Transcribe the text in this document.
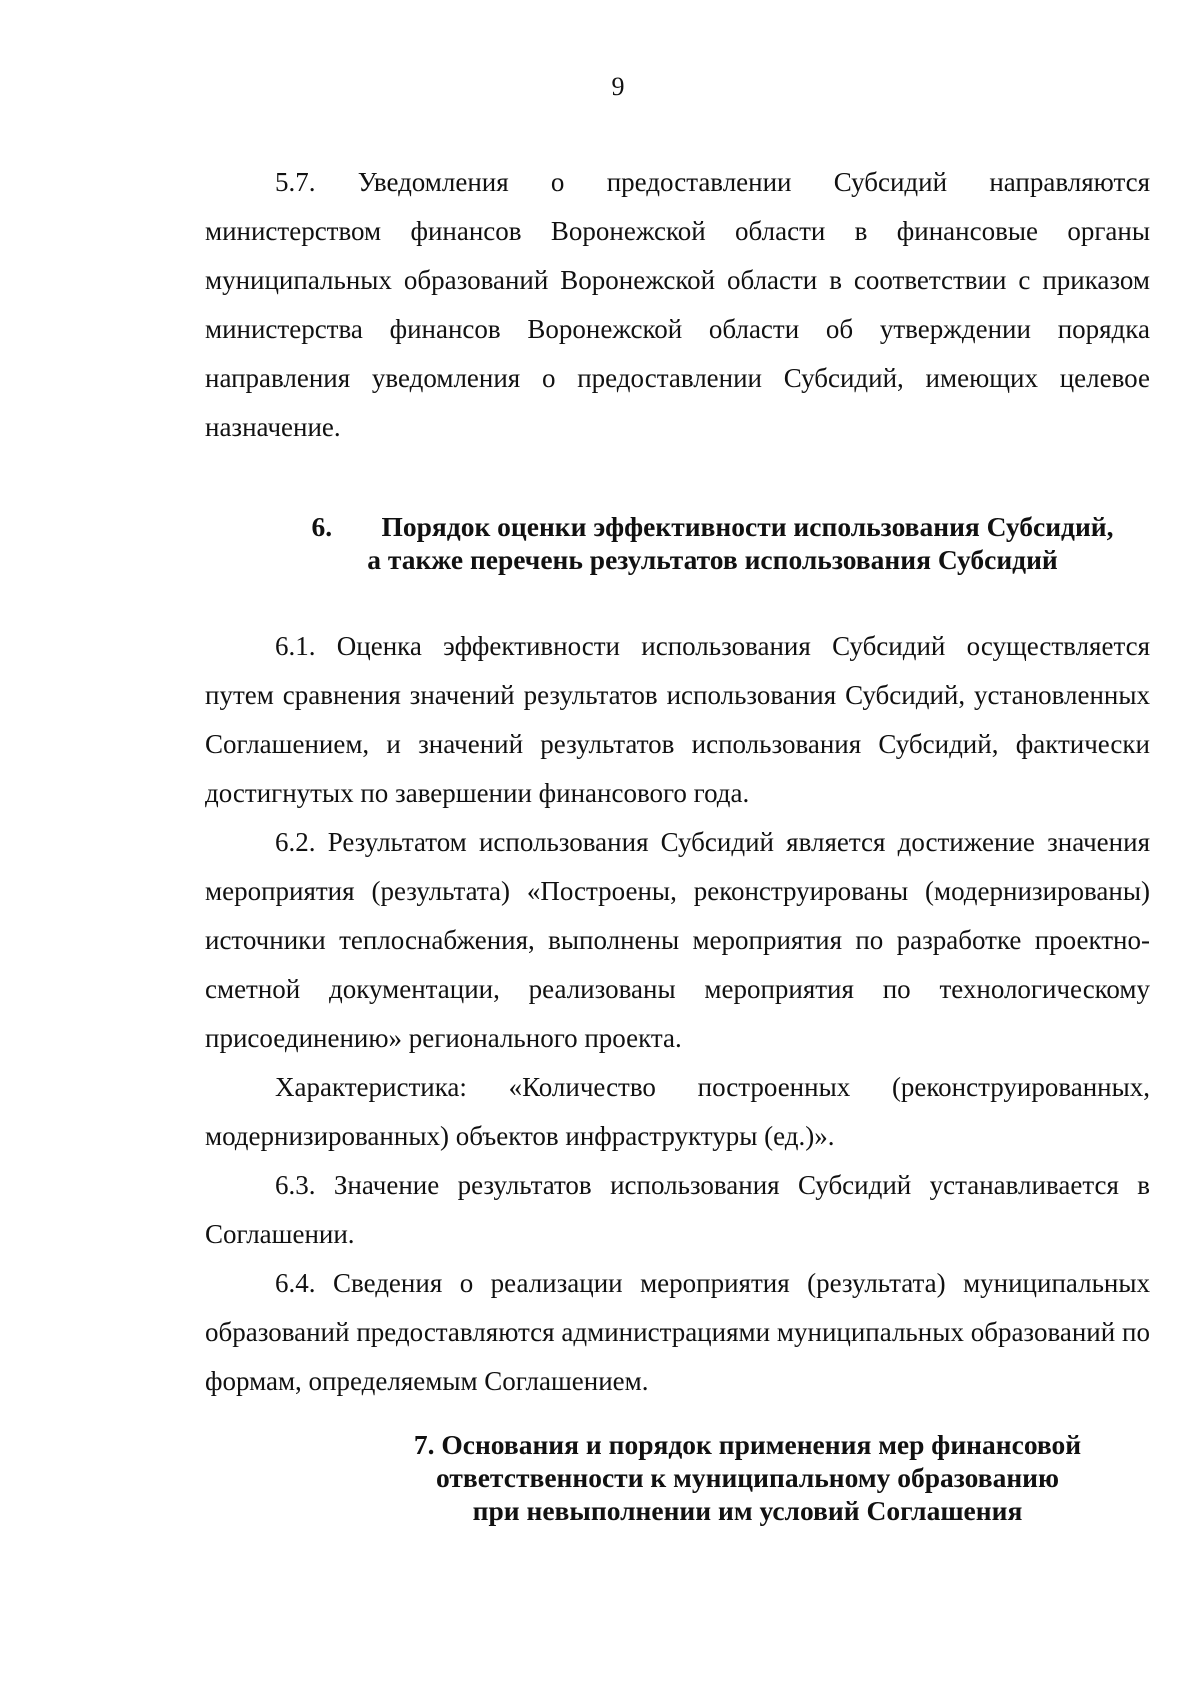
9

5.7. Уведомления о предоставлении Субсидий направляются министерством финансов Воронежской области в финансовые органы муниципальных образований Воронежской области в соответствии с приказом министерства финансов Воронежской области об утверждении порядка направления уведомления о предоставлении Субсидий, имеющих целевое назначение.

6. Порядок оценки эффективности использования Субсидий,
а также перечень результатов использования Субсидий

6.1. Оценка эффективности использования Субсидий осуществляется путем сравнения значений результатов использования Субсидий, установленных Соглашением, и значений результатов использования Субсидий, фактически достигнутых по завершении финансового года.

6.2. Результатом использования Субсидий является достижение значения мероприятия (результата) «Построены, реконструированы (модернизированы) источники теплоснабжения, выполнены мероприятия по разработке проектно-сметной документации, реализованы мероприятия по технологическому присоединению» регионального проекта.

Характеристика: «Количество построенных (реконструированных, модернизированных) объектов инфраструктуры (ед.)».

6.3. Значение результатов использования Субсидий устанавливается в Соглашении.

6.4. Сведения о реализации мероприятия (результата) муниципальных образований предоставляются администрациями муниципальных образований по формам, определяемым Соглашением.

7. Основания и порядок применения мер финансовой
ответственности к муниципальному образованию
при невыполнении им условий Соглашения
